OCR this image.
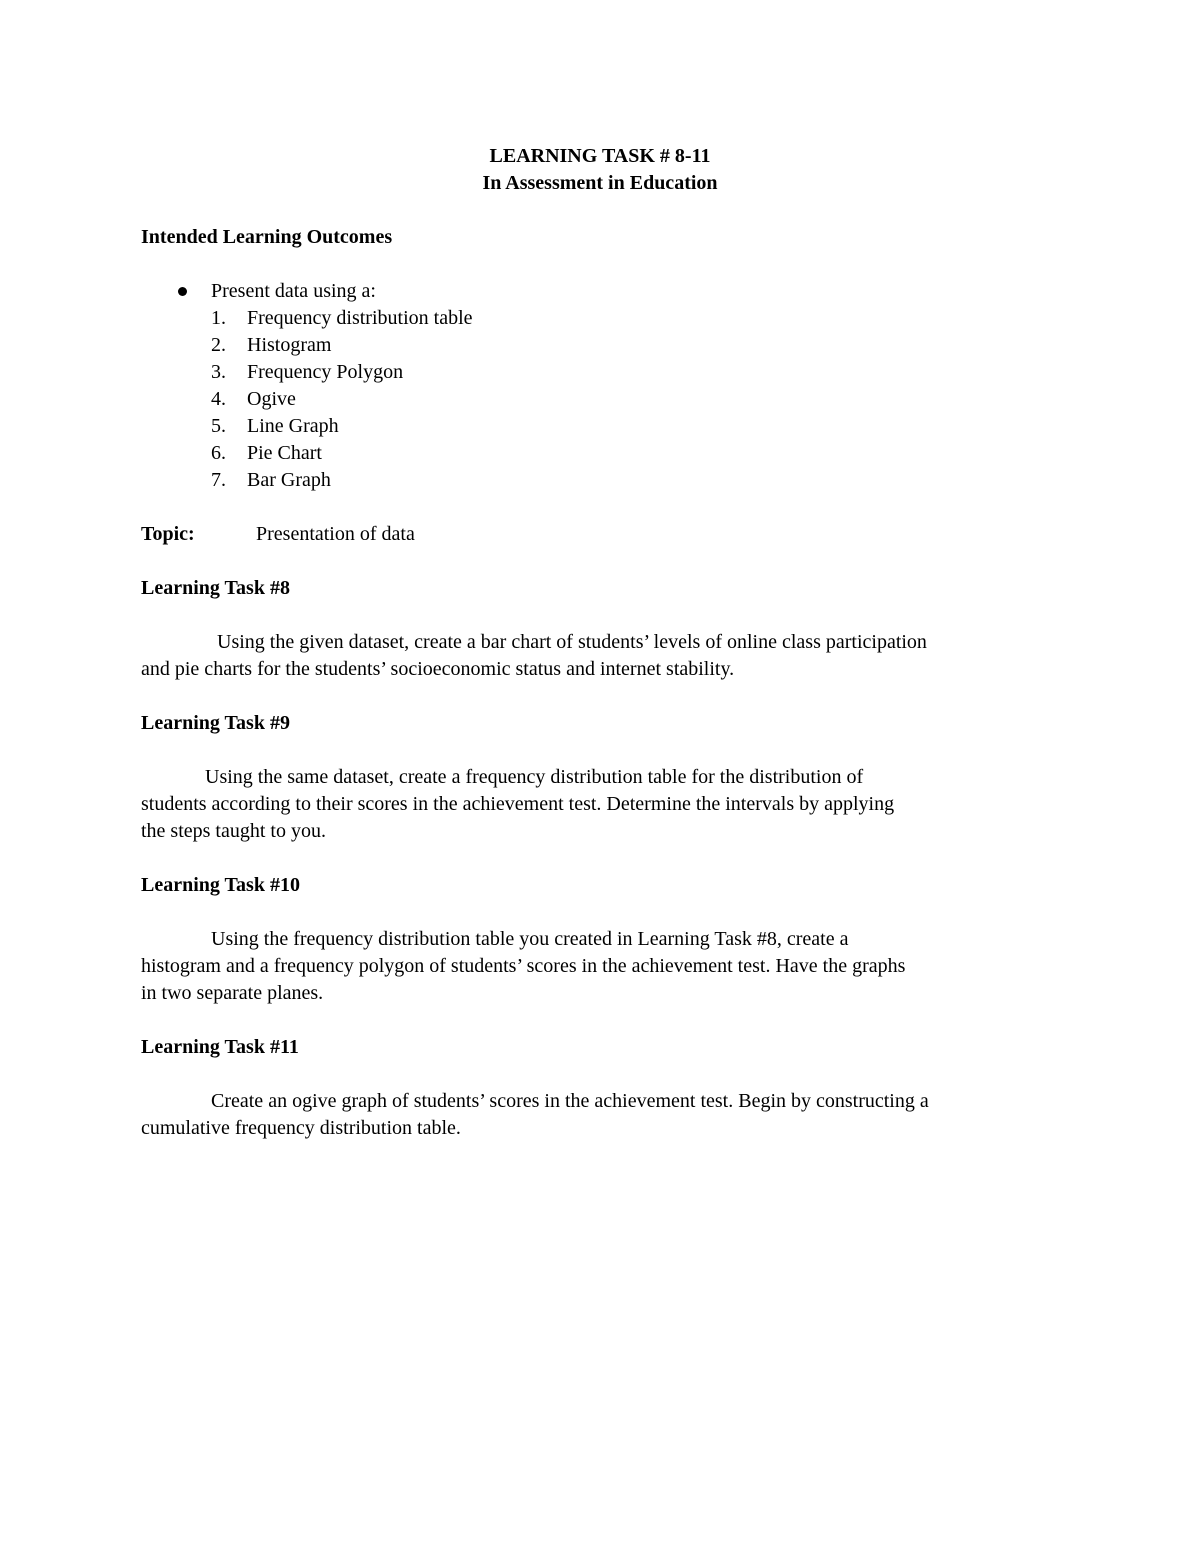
LEARNING TASK # 8-11
In Assessment in Education
Intended Learning Outcomes
Present data using a:
1. Frequency distribution table
2. Histogram
3. Frequency Polygon
4. Ogive
5. Line Graph
6. Pie Chart
7. Bar Graph
Topic:	Presentation of data
Learning Task #8

Using the given dataset, create a bar chart of students’ levels of online class participation

and pie charts for the students’ socioeconomic status and internet stability.

Learning Task #9

Using the same dataset, create a frequency distribution table for the distribution of

students according to their scores in the achievement test. Determine the intervals by applying

the steps taught to you.

Learning Task #10

Using the frequency distribution table you created in Learning Task #8, create a

histogram and a frequency polygon of students’ scores in the achievement test. Have the graphs

in two separate planes.

Learning Task #11

Create an ogive graph of students’ scores in the achievement test. Begin by constructing a

cumulative frequency distribution table.
